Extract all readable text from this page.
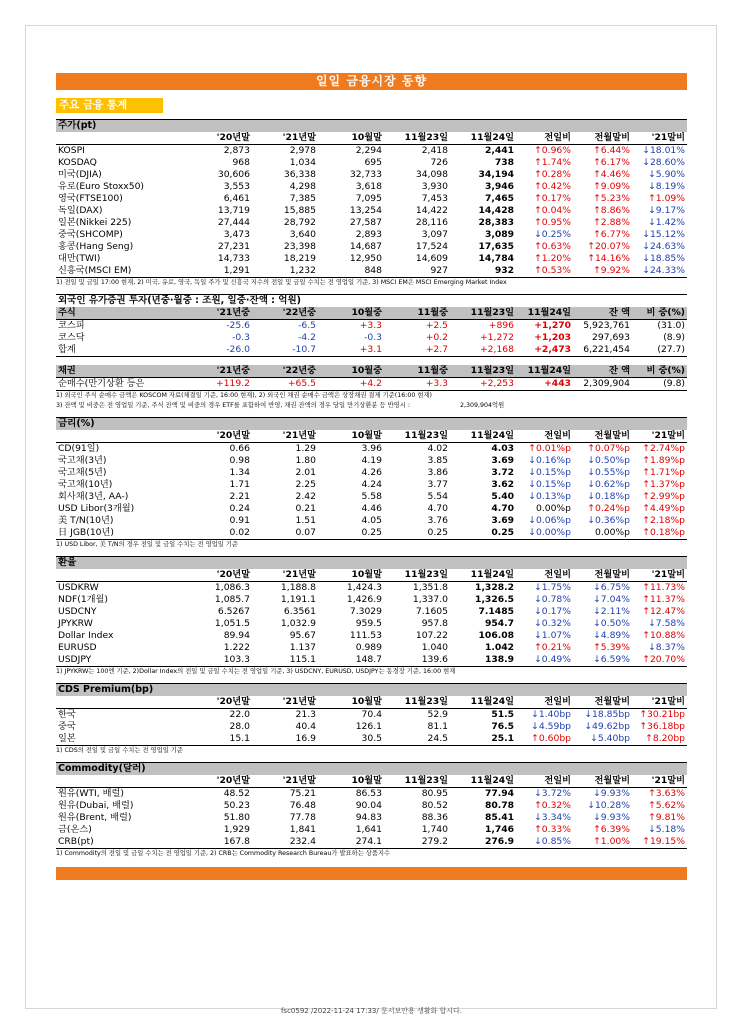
일일 금융시장 동향
주요 금융 통계
주가(pt)
	'20년말	'21년말	10월말	11월23일	11월24일	전일비	전월말비	'21말비
KOSPI	2,873	2,978	2,294	2,418	2,441	↑0.96%	↑6.44%	↓18.01%
KOSDAQ	968	1,034	695	726	738	↑1.74%	↑6.17%	↓28.60%
미국(DJIA)	30,606	36,338	32,733	34,098	34,194	↑0.28%	↑4.46%	↓5.90%
유로(Euro Stoxx50)	3,553	4,298	3,618	3,930	3,946	↑0.42%	↑9.09%	↓8.19%
영국(FTSE100)	6,461	7,385	7,095	7,453	7,465	↑0.17%	↑5.23%	↑1.09%
독일(DAX)	13,719	15,885	13,254	14,422	14,428	↑0.04%	↑8.86%	↓9.17%
일본(Nikkei 225)	27,444	28,792	27,587	28,116	28,383	↑0.95%	↑2.88%	↓1.42%
중국(SHCOMP)	3,473	3,640	2,893	3,097	3,089	↓0.25%	↑6.77%	↓15.12%
홍콩(Hang Seng)	27,231	23,398	14,687	17,524	17,635	↑0.63%	↑20.07%	↓24.63%
대만(TWI)	14,733	18,219	12,950	14,609	14,784	↑1.20%	↑14.16%	↓18.85%
신흥국(MSCI EM)	1,291	1,232	848	927	932	↑0.53%	↑9.92%	↓24.33%
1) 전일 및 금일 17:00 현재, 2) 미국, 유로, 영국, 독일 주가 및 신흥국 지수의 전일 및 금일 수치는 전 영업일 기준, 3) MSCI EM은 MSCI Emerging Market Index
외국인 유가증권 투자(년중·월중 : 조원, 일중·잔액 : 억원)
주식	'21년중	'22년중	10월중	11월중	11월23일	11월24일	잔 액	비 중(%)
코스피	-25.6	-6.5	+3.3	+2.5	+896	+1,270	5,923,761	(31.0)
코스닥	-0.3	-4.2	-0.3	+0.2	+1,272	+1,203	297,693	(8.9)
합계	-26.0	-10.7	+3.1	+2.7	+2,168	+2,473	6,221,454	(27.7)
채권	'21년중	'22년중	10월중	11월중	11월23일	11월24일	잔 액	비 중(%)
순매수(만기상환 등은	+119.2	+65.5	+4.2	+3.3	+2,253	+443	2,309,904	(9.8)
1) 외국인 주식 순매수 금액은 KOSCOM 자료(체결일 기준, 16:00 현재), 2) 외국인 채권 순매수 금액은 상장채권 결제 기준(16:00 현재)
3) 잔액 및 비중은 전 영업일 기준, 주식 잔액 및 비중의 경우 ETF를 포함하여 반영, 채권 잔액의 경우 당일 만기상환분 등 반영시 :	2,309,904억원
금리(%)
	'20년말	'21년말	10월말	11월23일	11월24일	전일비	전월말비	'21말비
CD(91일)	0.66	1.29	3.96	4.02	4.03	↑0.01%p	↑0.07%p	↑2.74%p
국고채(3년)	0.98	1.80	4.19	3.85	3.69	↓0.16%p	↓0.50%p	↑1.89%p
국고채(5년)	1.34	2.01	4.26	3.86	3.72	↓0.15%p	↓0.55%p	↑1.71%p
국고채(10년)	1.71	2.25	4.24	3.77	3.62	↓0.15%p	↓0.62%p	↑1.37%p
회사채(3년, AA-)	2.21	2.42	5.58	5.54	5.40	↓0.13%p	↓0.18%p	↑2.99%p
USD Libor(3개월)	0.24	0.21	4.46	4.70	4.70	0.00%p	↑0.24%p	↑4.49%p
美 T/N(10년)	0.91	1.51	4.05	3.76	3.69	↓0.06%p	↓0.36%p	↑2.18%p
日 JGB(10년)	0.02	0.07	0.25	0.25	0.25	↓0.00%p	0.00%p	↑0.18%p
1) USD Libor, 美 T/N의 경우 전일 및 금일 수치는 전 영업일 기준
환율
	'20년말	'21년말	10월말	11월23일	11월24일	전일비	전월말비	'21말비
USDKRW	1,086.3	1,188.8	1,424.3	1,351.8	1,328.2	↓1.75%	↓6.75%	↑11.73%
NDF(1개월)	1,085.7	1,191.1	1,426.9	1,337.0	1,326.5	↓0.78%	↓7.04%	↑11.37%
USDCNY	6.5267	6.3561	7.3029	7.1605	7.1485	↓0.17%	↓2.11%	↑12.47%
JPYKRW	1,051.5	1,032.9	959.5	957.8	954.7	↓0.32%	↓0.50%	↓7.58%
Dollar Index	89.94	95.67	111.53	107.22	106.08	↓1.07%	↓4.89%	↑10.88%
EURUSD	1.222	1.137	0.989	1.040	1.042	↑0.21%	↑5.39%	↓8.37%
USDJPY	103.3	115.1	148.7	139.6	138.9	↓0.49%	↓6.59%	↑20.70%
1) JPYKRW는 100엔 기준, 2)Dollar Index의 전일 및 금일 수치는 전 영업일 기준, 3) USDCNY, EURUSD, USDJPY는 동경장 기준, 16:00 현재
CDS Premium(bp)
	'20년말	'21년말	10월말	11월23일	11월24일	전일비	전월말비	'21말비
한국	22.0	21.3	70.4	52.9	51.5	↓1.40bp	↓18.85bp	↑30.21bp
중국	28.0	40.4	126.1	81.1	76.5	↓4.59bp	↓49.62bp	↑36.18bp
일본	15.1	16.9	30.5	24.5	25.1	↑0.60bp	↓5.40bp	↑8.20bp
1) CDS의 전일 및 금일 수치는 전 영업일 기준
Commodity(달러)
	'20년말	'21년말	10월말	11월23일	11월24일	전일비	전월말비	'21말비
원유(WTI, 배럴)	48.52	75.21	86.53	80.95	77.94	↓3.72%	↓9.93%	↑3.63%
원유(Dubai, 배럴)	50.23	76.48	90.04	80.52	80.78	↑0.32%	↓10.28%	↑5.62%
원유(Brent, 배럴)	51.80	77.78	94.83	88.36	85.41	↓3.34%	↓9.93%	↑9.81%
금(온스)	1,929	1,841	1,641	1,740	1,746	↑0.33%	↑6.39%	↓5.18%
CRB(pt)	167.8	232.4	274.1	279.2	276.9	↓0.85%	↑1.00%	↑19.15%
1) Commodity의 전일 및 금일 수치는 전 영업일 기준, 2) CRB는 Commodity Research Bureau가 발표하는 상품지수
fsc0592 /2022-11-24 17:33/ 문서보안용 생활화 합시다.
